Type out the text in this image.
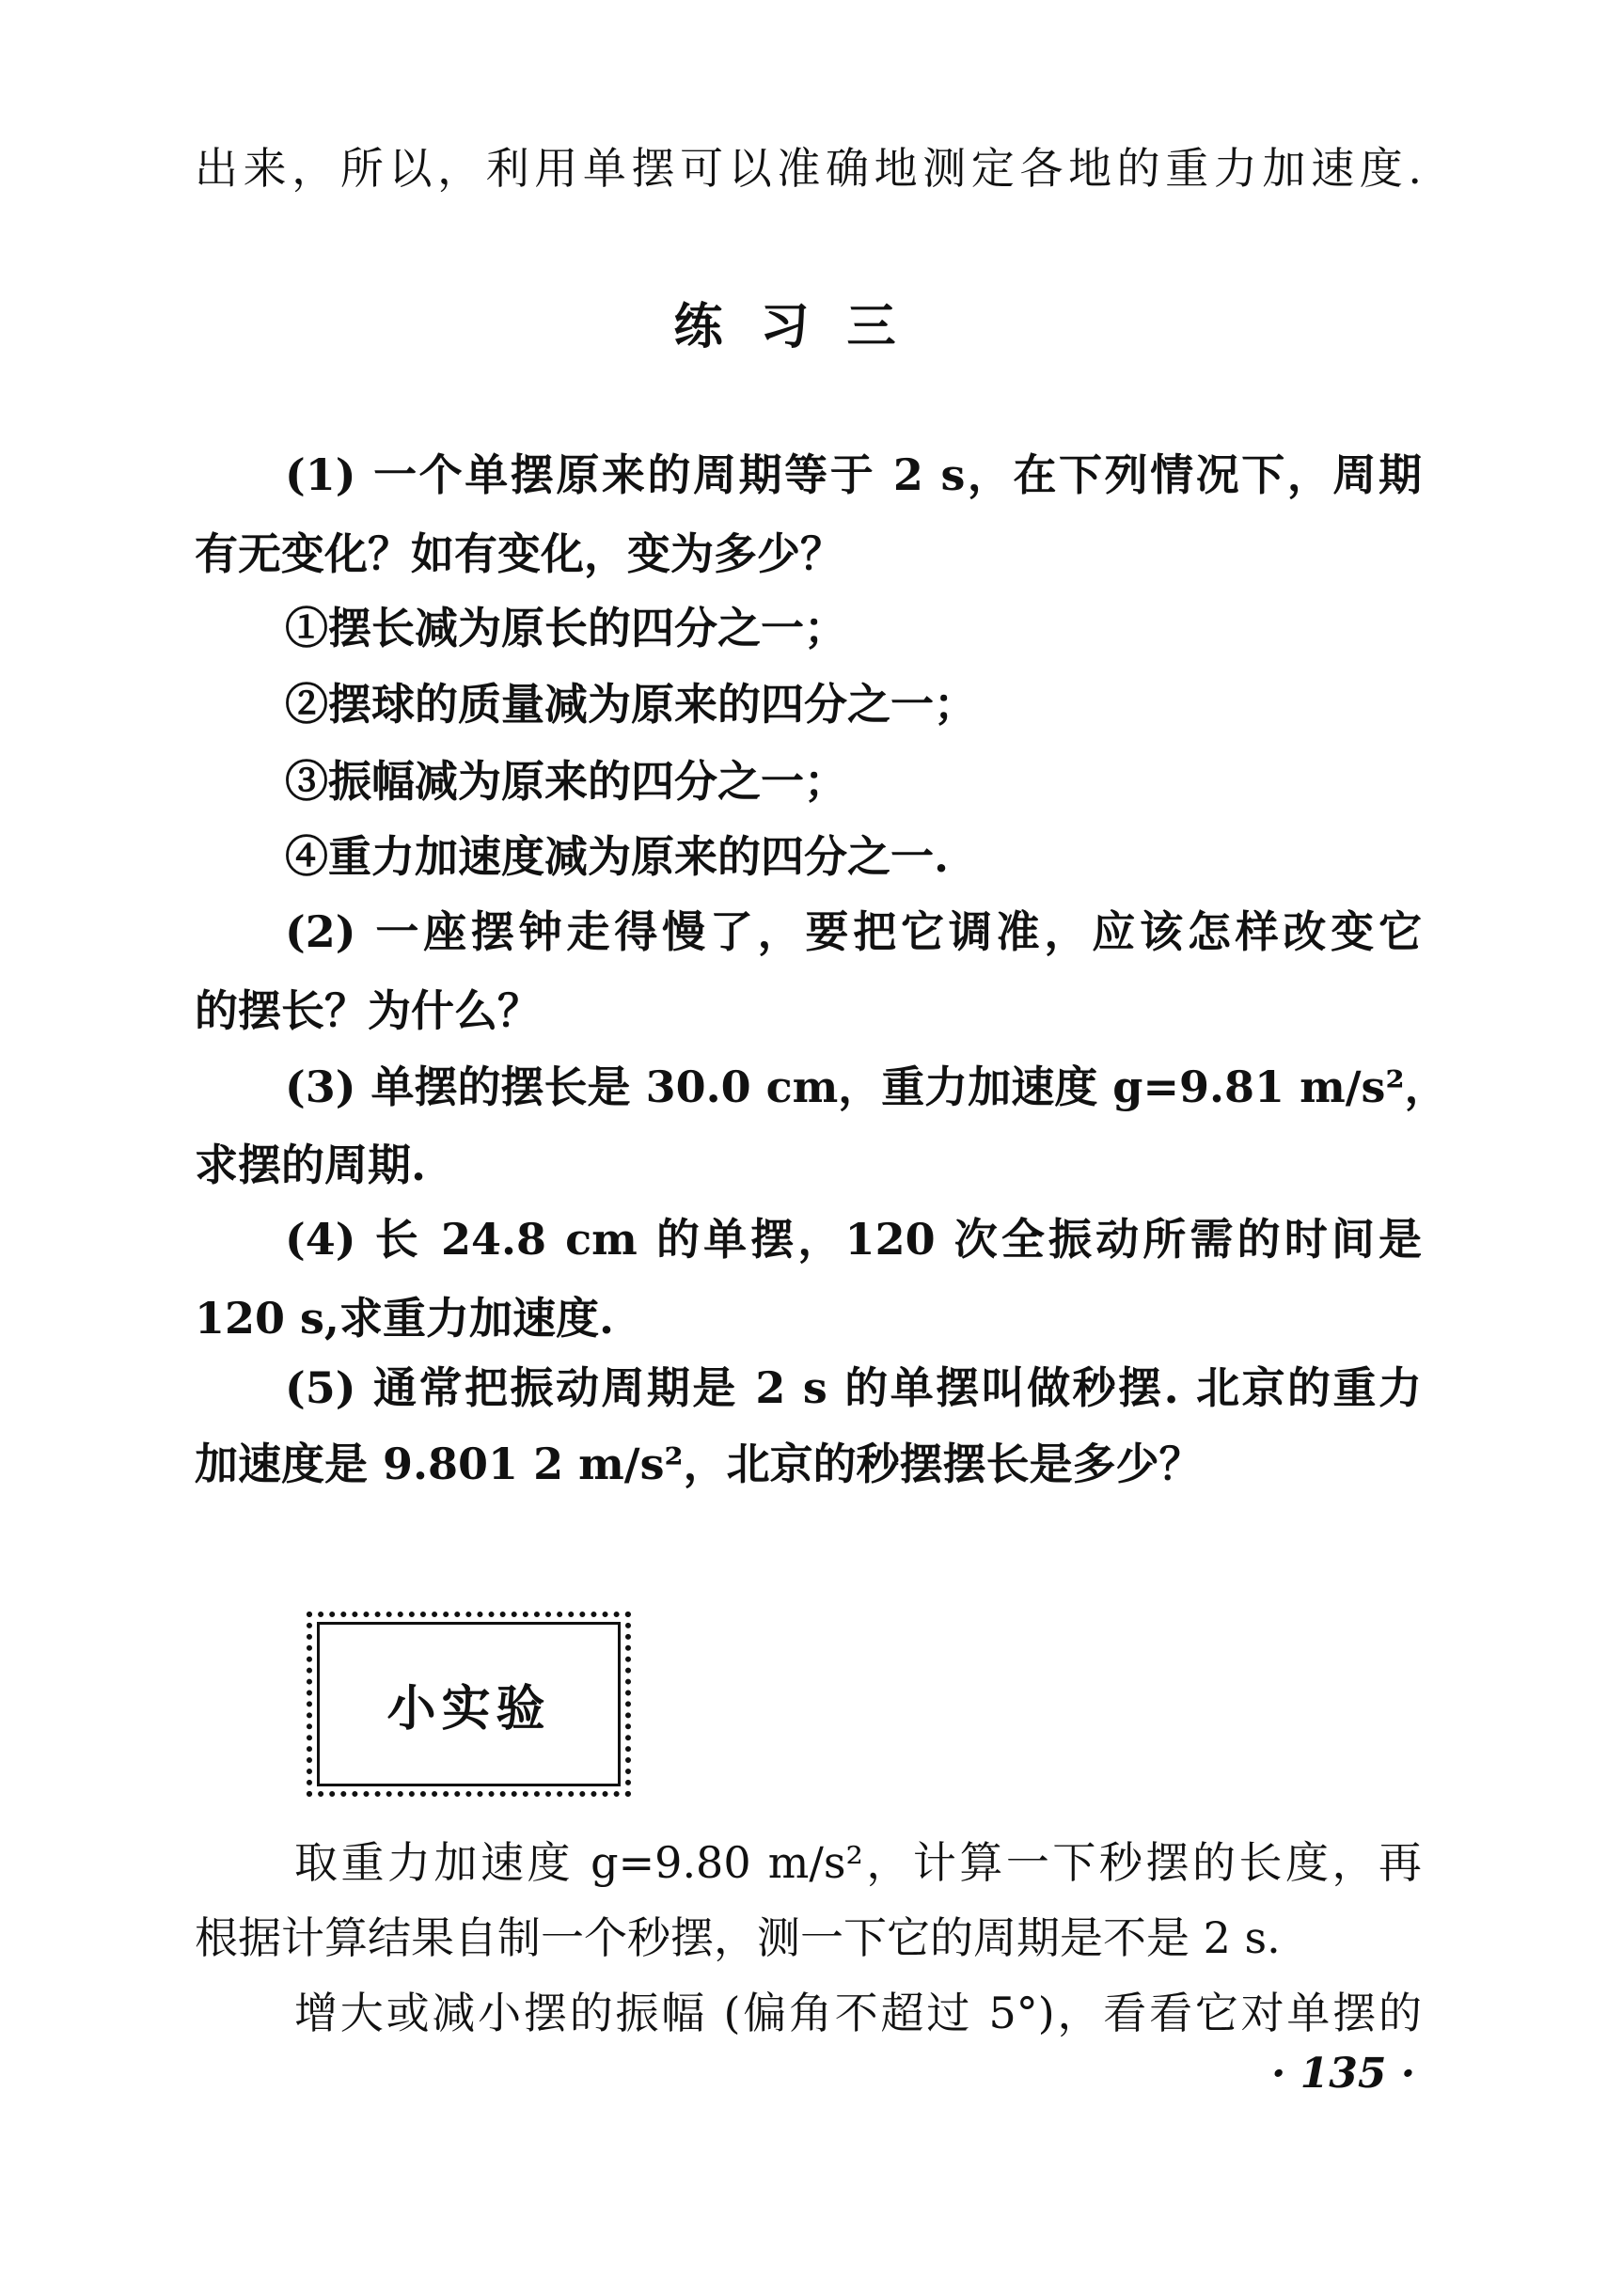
出来，所以，利用单摆可以准确地测定各地的重力加速度.
练习三
(1) 一个单摆原来的周期等于 2 s，在下列情况下，周期
有无变化？如有变化，变为多少？
①摆长减为原长的四分之一；
②摆球的质量减为原来的四分之一；
③振幅减为原来的四分之一；
④重力加速度减为原来的四分之一.
(2) 一座摆钟走得慢了，要把它调准，应该怎样改变它
的摆长？为什么？
(3) 单摆的摆长是 30.0 cm，重力加速度 g=9.81 m/s²，
求摆的周期.
(4) 长 24.8 cm 的单摆，120 次全振动所需的时间是
120 s,求重力加速度.
(5) 通常把振动周期是 2 s 的单摆叫做秒摆. 北京的重力
加速度是 9.801 2 m/s²，北京的秒摆摆长是多少？
小实验
取重力加速度 g=9.80 m/s²，计算一下秒摆的长度，再
根据计算结果自制一个秒摆，测一下它的周期是不是 2 s.
增大或减小摆的振幅 (偏角不超过 5°)，看看它对单摆的
· 135 ·
